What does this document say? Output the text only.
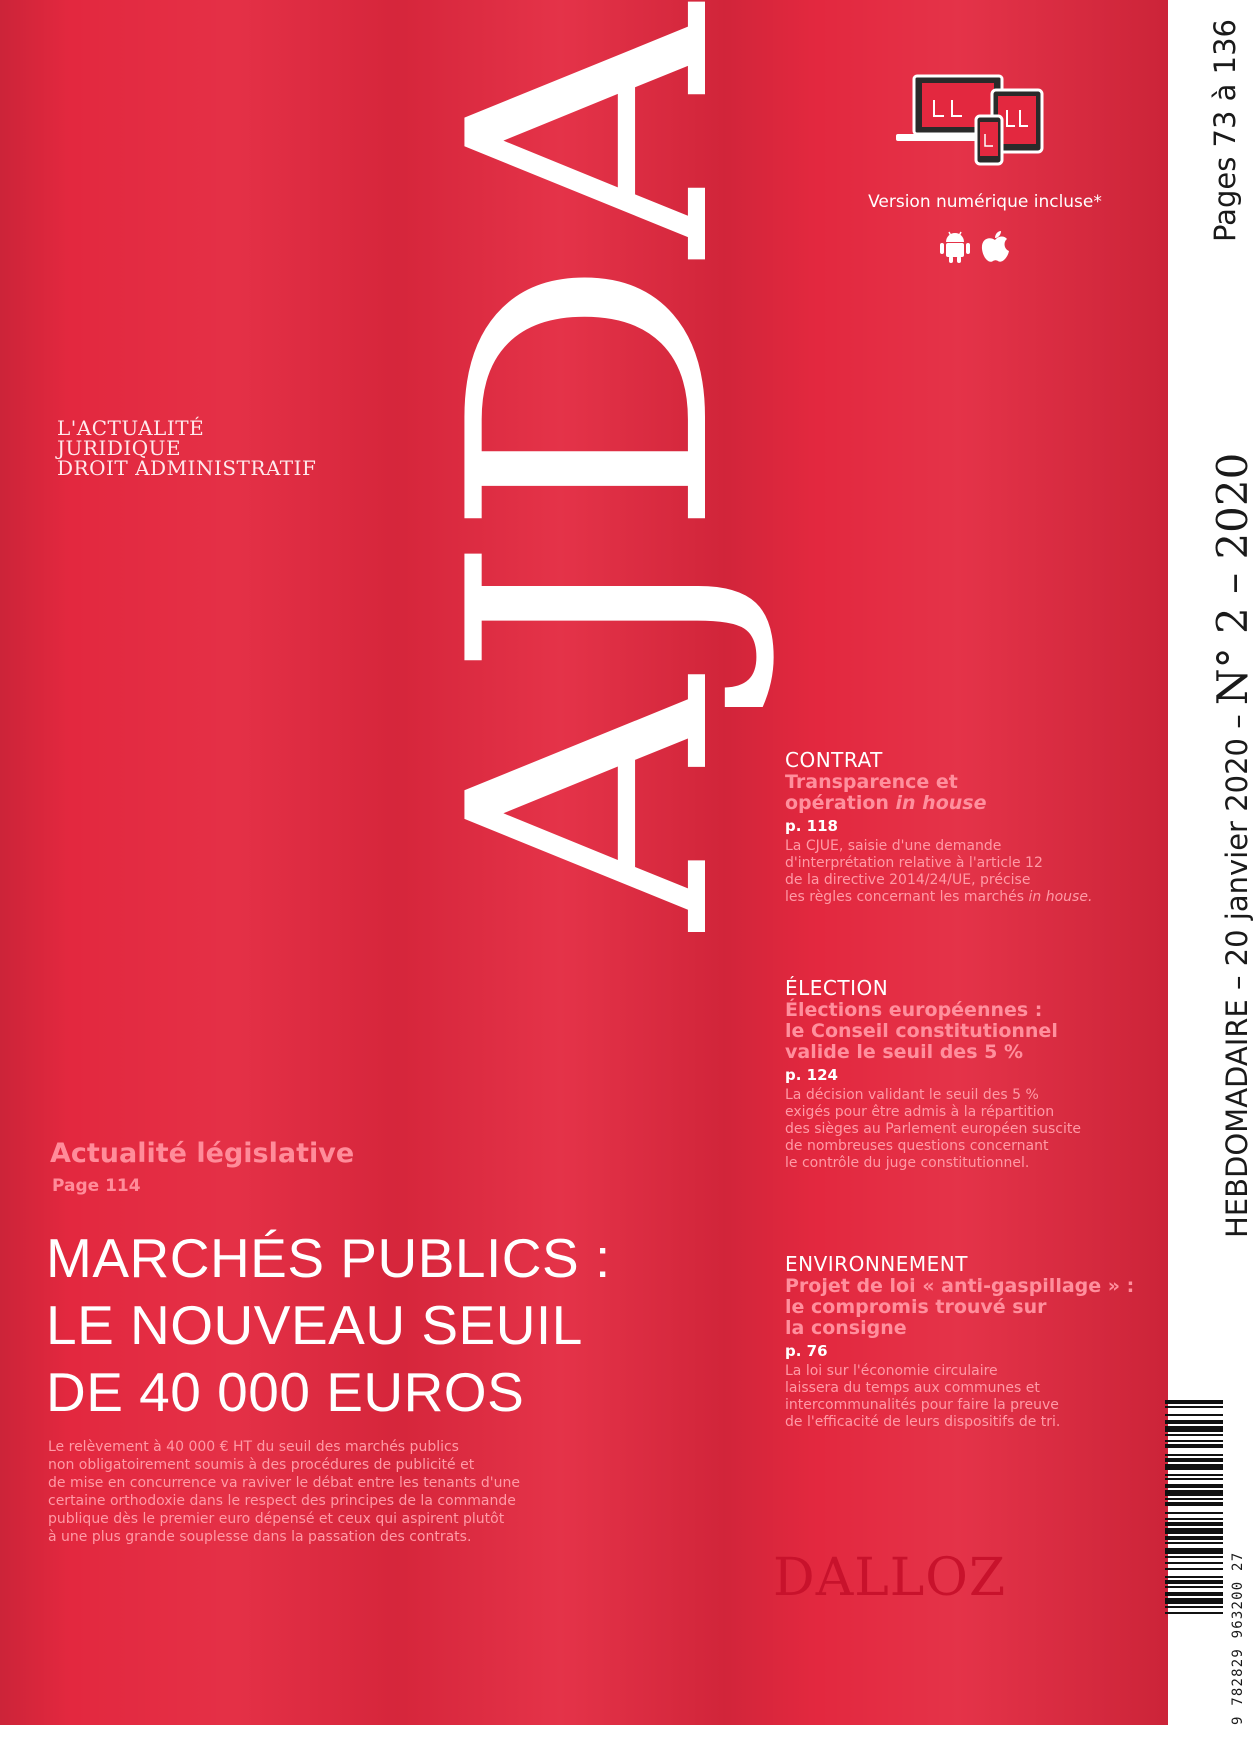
AJDA
L'ACTUALITÉ
JURIDIQUE
DROIT ADMINISTRATIF
Version numérique incluse*
CONTRAT
Transparence et
opération in house
p. 118
La CJUE, saisie d'une demande
d'interprétation relative à l'article 12
de la directive 2014/24/UE, précise
les règles concernant les marchés in house.
ÉLECTION
Élections européennes :
le Conseil constitutionnel
valide le seuil des 5 %
p. 124
La décision validant le seuil des 5 %
exigés pour être admis à la répartition
des sièges au Parlement européen suscite
de nombreuses questions concernant
le contrôle du juge constitutionnel.
ENVIRONNEMENT
Projet de loi « anti-gaspillage » :
le compromis trouvé sur
la consigne
p. 76
La loi sur l'économie circulaire
laissera du temps aux communes et
intercommunalités pour faire la preuve
de l'efficacité de leurs dispositifs de tri.
Actualité législative
Page 114
MARCHÉS PUBLICS :
LE NOUVEAU SEUIL
DE 40 000 EUROS
Le relèvement à 40 000 € HT du seuil des marchés publics
non obligatoirement soumis à des procédures de publicité et
de mise en concurrence va raviver le débat entre les tenants d'une
certaine orthodoxie dans le respect des principes de la commande
publique dès le premier euro dépensé et ceux qui aspirent plutôt
à une plus grande souplesse dans la passation des contrats.
DALLOZ
Pages 73 à 136
HEBDOMADAIRE – 20 janvier 2020 – N° 2 – 2020
9 782829 963200 27
